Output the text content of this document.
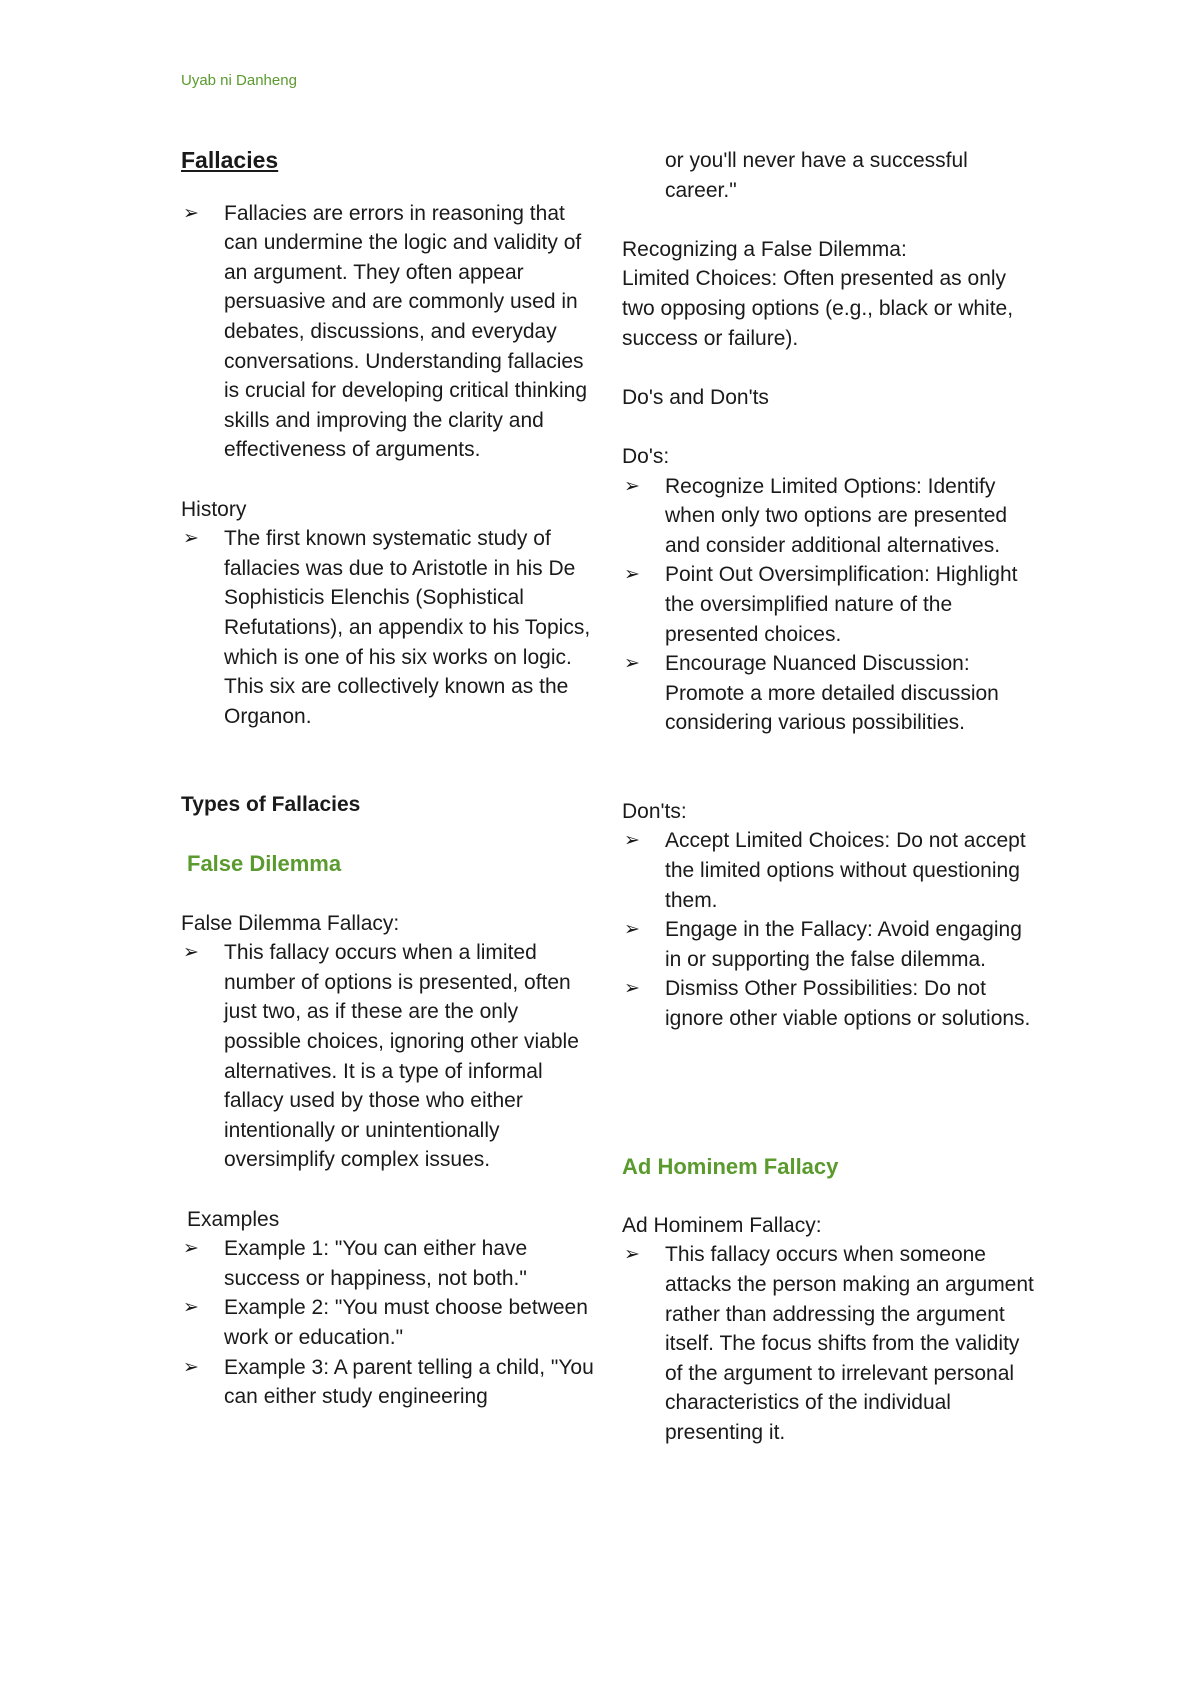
Uyab ni Danheng

Fallacies

➢ Fallacies are errors in reasoning that can undermine the logic and validity of an argument. They often appear persuasive and are commonly used in debates, discussions, and everyday conversations. Understanding fallacies is crucial for developing critical thinking skills and improving the clarity and effectiveness of arguments.

History

➢ The first known systematic study of fallacies was due to Aristotle in his De Sophisticis Elenchis (Sophistical Refutations), an appendix to his Topics, which is one of his six works on logic. This six are collectively known as the Organon.

Types of Fallacies

False Dilemma

False Dilemma Fallacy:

➢ This fallacy occurs when a limited number of options is presented, often just two, as if these are the only possible choices, ignoring other viable alternatives. It is a type of informal fallacy used by those who either intentionally or unintentionally oversimplify complex issues.

Examples

➢ Example 1: "You can either have success or happiness, not both."
➢ Example 2: "You must choose between work or education."
➢ Example 3: A parent telling a child, "You can either study engineering

or you'll never have a successful career."

Recognizing a False Dilemma:

Limited Choices: Often presented as only two opposing options (e.g., black or white, success or failure).

Do's and Don'ts

Do's:

➢ Recognize Limited Options: Identify when only two options are presented and consider additional alternatives.
➢ Point Out Oversimplification: Highlight the oversimplified nature of the presented choices.
➢ Encourage Nuanced Discussion: Promote a more detailed discussion considering various possibilities.

Don'ts:

➢ Accept Limited Choices: Do not accept the limited options without questioning them.
➢ Engage in the Fallacy: Avoid engaging in or supporting the false dilemma.
➢ Dismiss Other Possibilities: Do not ignore other viable options or solutions.

Ad Hominem Fallacy

Ad Hominem Fallacy:

➢ This fallacy occurs when someone attacks the person making an argument rather than addressing the argument itself. The focus shifts from the validity of the argument to irrelevant personal characteristics of the individual presenting it.
